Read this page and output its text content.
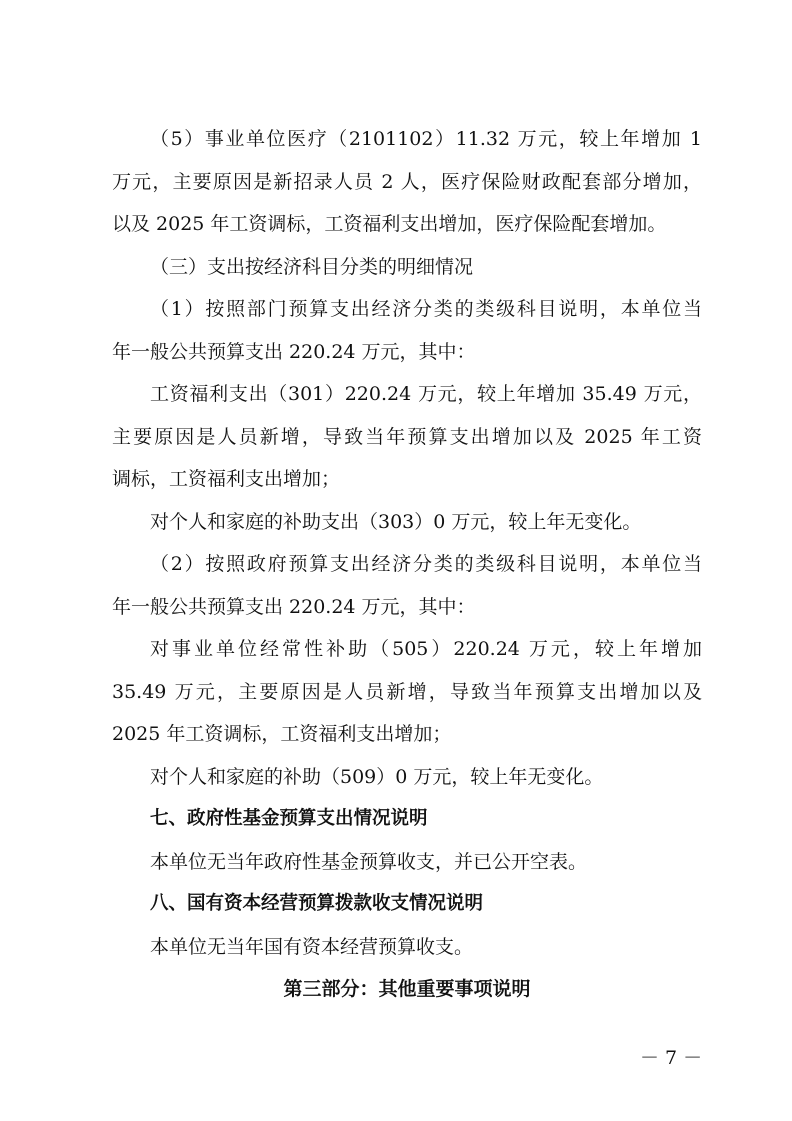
（5）事业单位医疗（2101102）11.32 万元，较上年增加 1
万元，主要原因是新招录人员 2 人，医疗保险财政配套部分增加，
以及 2025 年工资调标，工资福利支出增加，医疗保险配套增加。
（三）支出按经济科目分类的明细情况
（1）按照部门预算支出经济分类的类级科目说明，本单位当
年一般公共预算支出 220.24 万元，其中：
工资福利支出（301）220.24 万元，较上年增加 35.49 万元，
主要原因是人员新增，导致当年预算支出增加以及 2025 年工资
调标，工资福利支出增加；
对个人和家庭的补助支出（303）0 万元，较上年无变化。
（2）按照政府预算支出经济分类的类级科目说明，本单位当
年一般公共预算支出 220.24 万元，其中：
对事业单位经常性补助（505）220.24 万元，较上年增加
35.49 万元，主要原因是人员新增，导致当年预算支出增加以及
2025 年工资调标，工资福利支出增加；
对个人和家庭的补助（509）0 万元，较上年无变化。
七、政府性基金预算支出情况说明
本单位无当年政府性基金预算收支，并已公开空表。
八、国有资本经营预算拨款收支情况说明
本单位无当年国有资本经营预算收支。
第三部分：其他重要事项说明
－ 7 －
